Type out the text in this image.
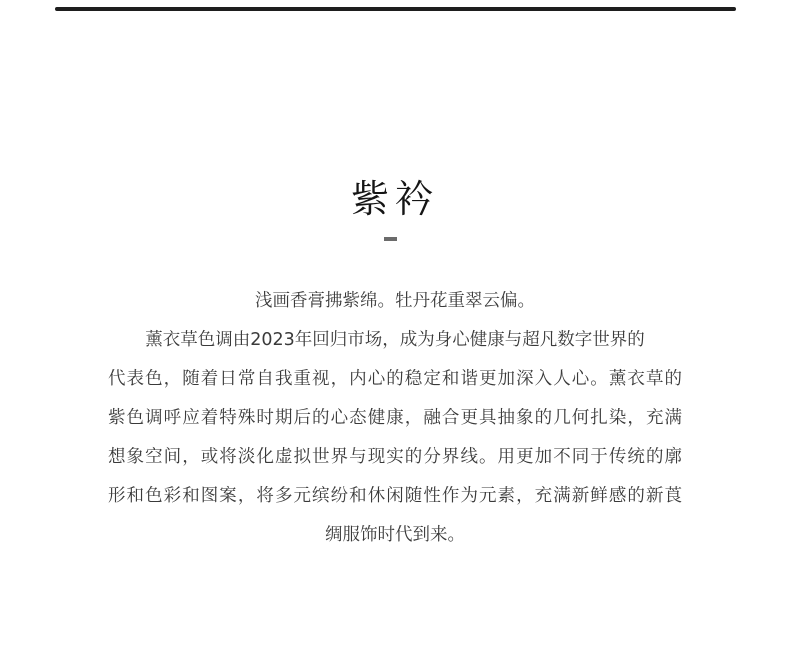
紫衿
浅画香膏拂紫绵。牡丹花重翠云偏。
薰衣草色调由2023年回归市场，成为身心健康与超凡数字世界的
代表色，随着日常自我重视，内心的稳定和谐更加深入人心。薰衣草的
紫色调呼应着特殊时期后的心态健康，融合更具抽象的几何扎染，充满
想象空间，或将淡化虚拟世界与现实的分界线。用更加不同于传统的廓
形和色彩和图案，将多元缤纷和休闲随性作为元素，充满新鲜感的新莨
绸服饰时代到来。
